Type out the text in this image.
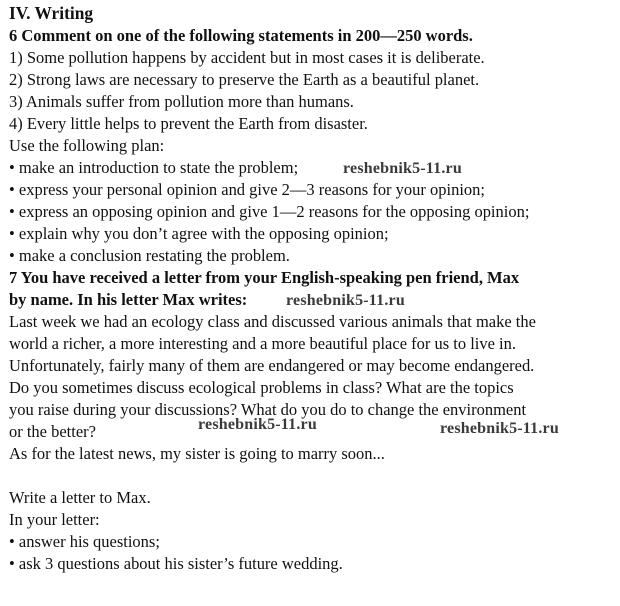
IV. Writing 6 Comment on one of the following statements in 200—250 words. 1) Some pollution happens by accident but in most cases it is deliberate. 2) Strong laws are necessary to preserve the Earth as a beautiful planet. 3) Animals suffer from pollution more than humans. 4) Every little helps to prevent the Earth from disaster. Use the following plan: • make an introduction to state the problem; • express your personal opinion and give 2—3 reasons for your opinion; • express an opposing opinion and give 1—2 reasons for the opposing opinion; • explain why you don’t agree with the opposing opinion; • make a conclusion restating the problem. 7 You have received a letter from your English-speaking pen friend, Max by name. In his letter Max writes: Last week we had an ecology class and discussed various animals that make the world a richer, a more interesting and a more beautiful place for us to live in. Unfortunately, fairly many of them are endangered or may become endangered. Do you sometimes discuss ecological problems in class? What are the topics you raise during your discussions? What do you do to change the environment or the better? As for the latest news, my sister is going to marry soon...
Write a letter to Max. In your letter: • answer his questions; • ask 3 questions about his sister’s future wedding.
reshebnik5-11.ru
reshebnik5-11.ru
reshebnik5-11.ru	reshebnik5-11.ru
